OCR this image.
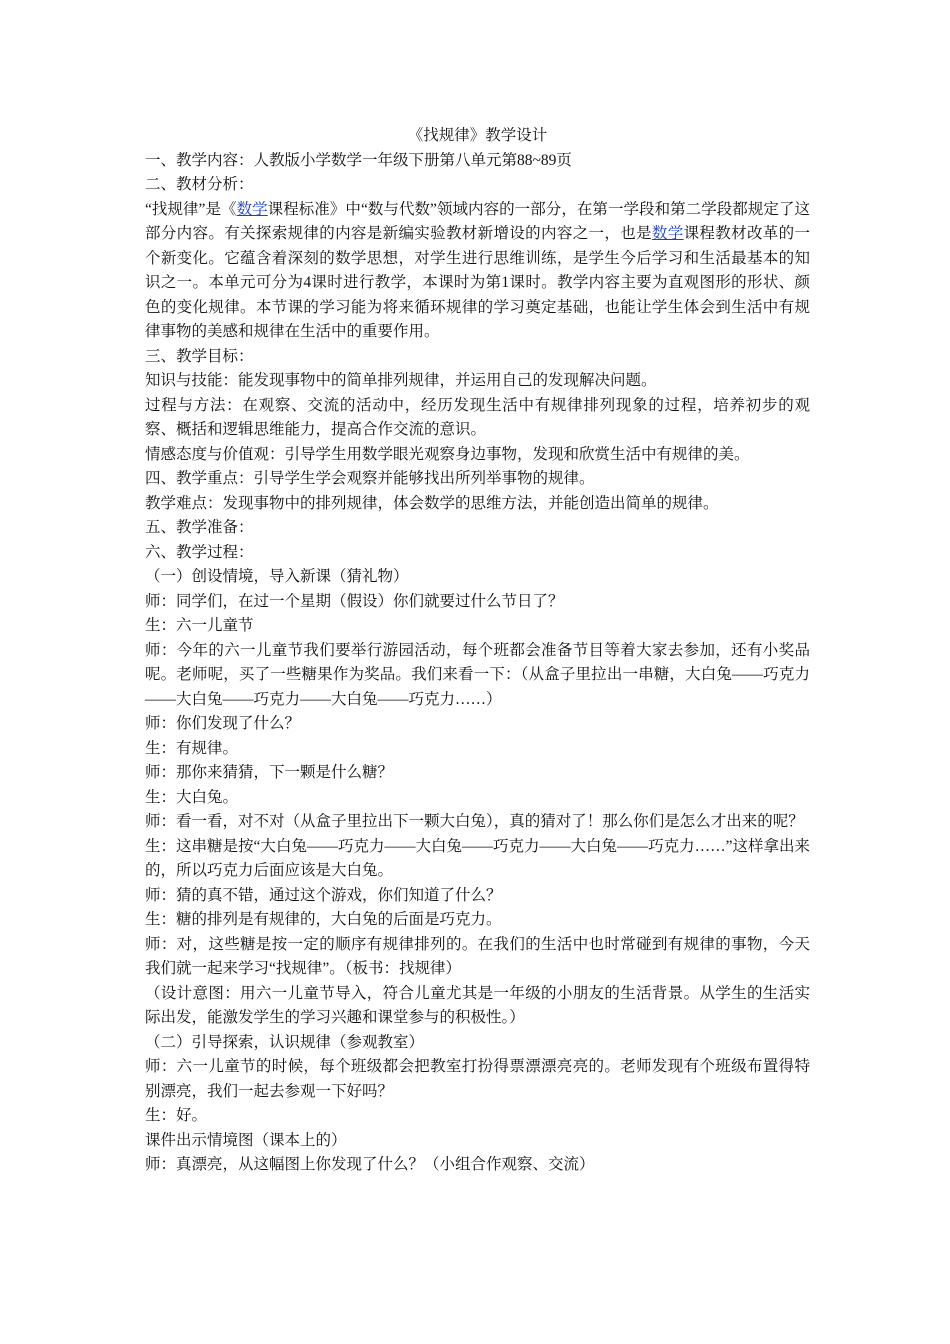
《找规律》教学设计

一、教学内容：人教版小学数学一年级下册第八单元第88~89页

二、教材分析：

“找规律”是《数学课程标准》中“数与代数”领域内容的一部分，在第一学段和第二学段都规定了这部分内容。有关探索规律的内容是新编实验教材新增设的内容之一，也是数学课程教材改革的一个新变化。它蕴含着深刻的数学思想，对学生进行思维训练，是学生今后学习和生活最基本的知识之一。本单元可分为4课时进行教学，本课时为第1课时。教学内容主要为直观图形的形状、颜色的变化规律。本节课的学习能为将来循环规律的学习奠定基础，也能让学生体会到生活中有规律事物的美感和规律在生活中的重要作用。

三、教学目标：

知识与技能：能发现事物中的简单排列规律，并运用自己的发现解决问题。

过程与方法：在观察、交流的活动中，经历发现生活中有规律排列现象的过程，培养初步的观察、概括和逻辑思维能力，提高合作交流的意识。

情感态度与价值观：引导学生用数学眼光观察身边事物，发现和欣赏生活中有规律的美。

四、教学重点：引导学生学会观察并能够找出所列举事物的规律。

教学难点：发现事物中的排列规律，体会数学的思维方法，并能创造出简单的规律。

五、教学准备：

六、教学过程：

（一）创设情境，导入新课（猜礼物）

师：同学们，在过一个星期（假设）你们就要过什么节日了？

生：六一儿童节

师：今年的六一儿童节我们要举行游园活动，每个班都会准备节目等着大家去参加，还有小奖品呢。老师呢，买了一些糖果作为奖品。我们来看一下：（从盒子里拉出一串糖，大白兔——巧克力——大白兔——巧克力——大白兔——巧克力……）

师：你们发现了什么？

生：有规律。

师：那你来猜猜，下一颗是什么糖？

生：大白兔。

师：看一看，对不对（从盒子里拉出下一颗大白兔），真的猜对了！那么你们是怎么才出来的呢？

生：这串糖是按“大白兔——巧克力——大白兔——巧克力——大白兔——巧克力……”这样拿出来的，所以巧克力后面应该是大白兔。

师：猜的真不错，通过这个游戏，你们知道了什么？

生：糖的排列是有规律的，大白兔的后面是巧克力。

师：对，这些糖是按一定的顺序有规律排列的。在我们的生活中也时常碰到有规律的事物，今天我们就一起来学习“找规律”。（板书：找规律）

（设计意图：用六一儿童节导入，符合儿童尤其是一年级的小朋友的生活背景。从学生的生活实际出发，能激发学生的学习兴趣和课堂参与的积极性。）

（二）引导探索，认识规律（参观教室）

师：六一儿童节的时候，每个班级都会把教室打扮得票漂漂亮亮的。老师发现有个班级布置得特别漂亮，我们一起去参观一下好吗？

生：好。

课件出示情境图（课本上的）

师：真漂亮，从这幅图上你发现了什么？（小组合作观察、交流）
